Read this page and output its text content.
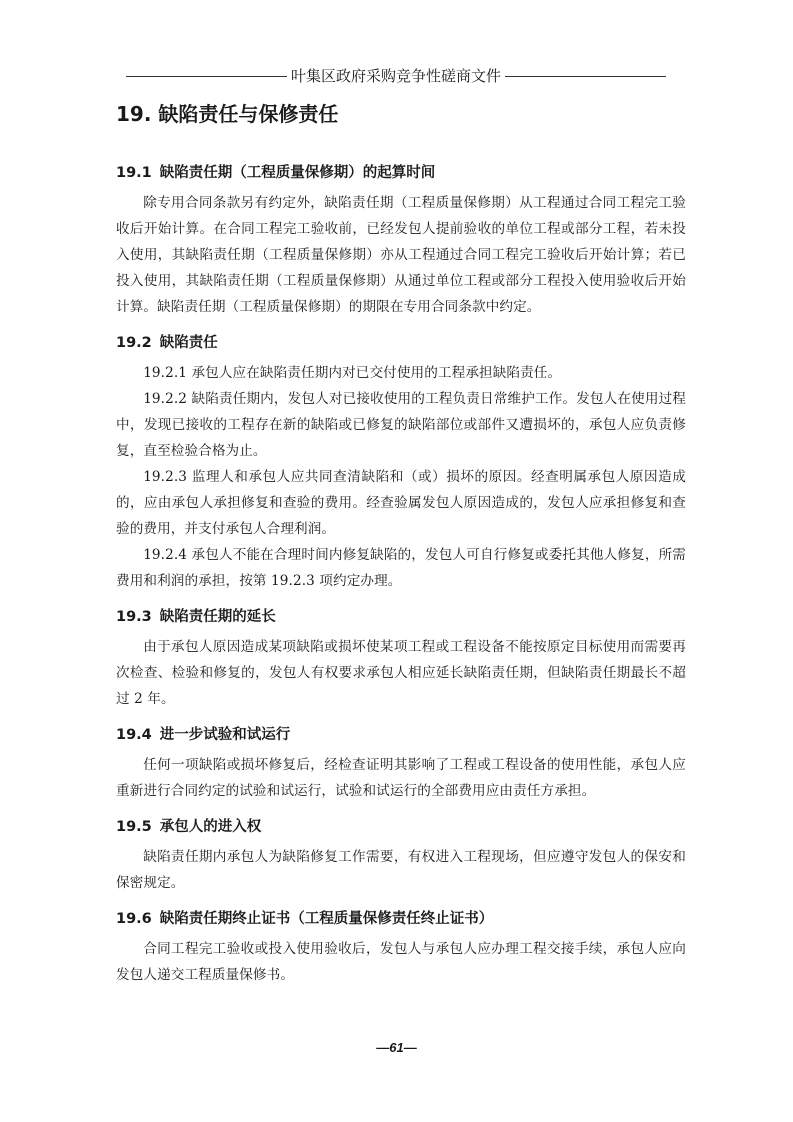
叶集区政府采购竞争性磋商文件
19. 缺陷责任与保修责任
19.1 缺陷责任期（工程质量保修期）的起算时间

除专用合同条款另有约定外，缺陷责任期（工程质量保修期）从工程通过合同工程完工验收后开始计算。在合同工程完工验收前，已经发包人提前验收的单位工程或部分工程，若未投入使用，其缺陷责任期（工程质量保修期）亦从工程通过合同工程完工验收后开始计算；若已投入使用，其缺陷责任期（工程质量保修期）从通过单位工程或部分工程投入使用验收后开始计算。缺陷责任期（工程质量保修期）的期限在专用合同条款中约定。

19.2 缺陷责任

19.2.1 承包人应在缺陷责任期内对已交付使用的工程承担缺陷责任。

19.2.2 缺陷责任期内，发包人对已接收使用的工程负责日常维护工作。发包人在使用过程中，发现已接收的工程存在新的缺陷或已修复的缺陷部位或部件又遭损坏的，承包人应负责修复，直至检验合格为止。

19.2.3 监理人和承包人应共同查清缺陷和（或）损坏的原因。经查明属承包人原因造成的，应由承包人承担修复和查验的费用。经查验属发包人原因造成的，发包人应承担修复和查验的费用，并支付承包人合理利润。

19.2.4 承包人不能在合理时间内修复缺陷的，发包人可自行修复或委托其他人修复，所需费用和利润的承担，按第 19.2.3 项约定办理。

19.3 缺陷责任期的延长

由于承包人原因造成某项缺陷或损坏使某项工程或工程设备不能按原定目标使用而需要再次检查、检验和修复的，发包人有权要求承包人相应延长缺陷责任期，但缺陷责任期最长不超过 2 年。

19.4 进一步试验和试运行

任何一项缺陷或损坏修复后，经检查证明其影响了工程或工程设备的使用性能，承包人应重新进行合同约定的试验和试运行，试验和试运行的全部费用应由责任方承担。

19.5 承包人的进入权

缺陷责任期内承包人为缺陷修复工作需要，有权进入工程现场，但应遵守发包人的保安和保密规定。

19.6 缺陷责任期终止证书（工程质量保修责任终止证书）

合同工程完工验收或投入使用验收后，发包人与承包人应办理工程交接手续，承包人应向发包人递交工程质量保修书。

—61—
